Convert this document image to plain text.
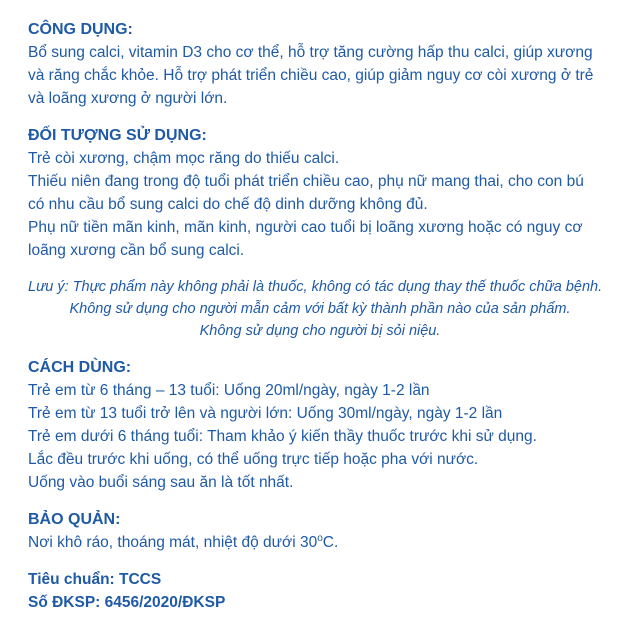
CÔNG DỤNG:

Bổ sung calci, vitamin D3 cho cơ thể, hỗ trợ tăng cường hấp thu calci, giúp xương

và răng chắc khỏe. Hỗ trợ phát triển chiều cao, giúp giảm nguy cơ còi xương ở trẻ

và loãng xương ở người lớn.

ĐỐI TƯỢNG SỬ DỤNG:

Trẻ còi xương, chậm mọc răng do thiếu calci.

Thiếu niên đang trong độ tuổi phát triển chiều cao, phụ nữ mang thai, cho con bú

có nhu cầu bổ sung calci do chế độ dinh dưỡng không đủ.

Phụ nữ tiền mãn kinh, mãn kinh, người cao tuổi bị loãng xương hoặc có nguy cơ

loãng xương cần bổ sung calci.

Lưu ý: Thực phẩm này không phải là thuốc, không có tác dụng thay thế thuốc chữa bệnh.

Không sử dụng cho người mẫn cảm với bất kỳ thành phần nào của sản phẩm.

Không sử dụng cho người bị sỏi niệu.

CÁCH DÙNG:

Trẻ em từ 6 tháng – 13 tuổi: Uống 20ml/ngày, ngày 1-2 lần

Trẻ em từ 13 tuổi trở lên và người lớn: Uống 30ml/ngày, ngày 1-2 lần

Trẻ em dưới 6 tháng tuổi: Tham khảo ý kiến thầy thuốc trước khi sử dụng.

Lắc đều trước khi uống, có thể uống trực tiếp hoặc pha với nước.

Uống vào buổi sáng sau ăn là tốt nhất.

BẢO QUẢN:

Nơi khô ráo, thoáng mát, nhiệt độ dưới 30$^o$C.

Tiêu chuẩn: TCCS

Số ĐKSP: 6456/2020/ĐKSP
